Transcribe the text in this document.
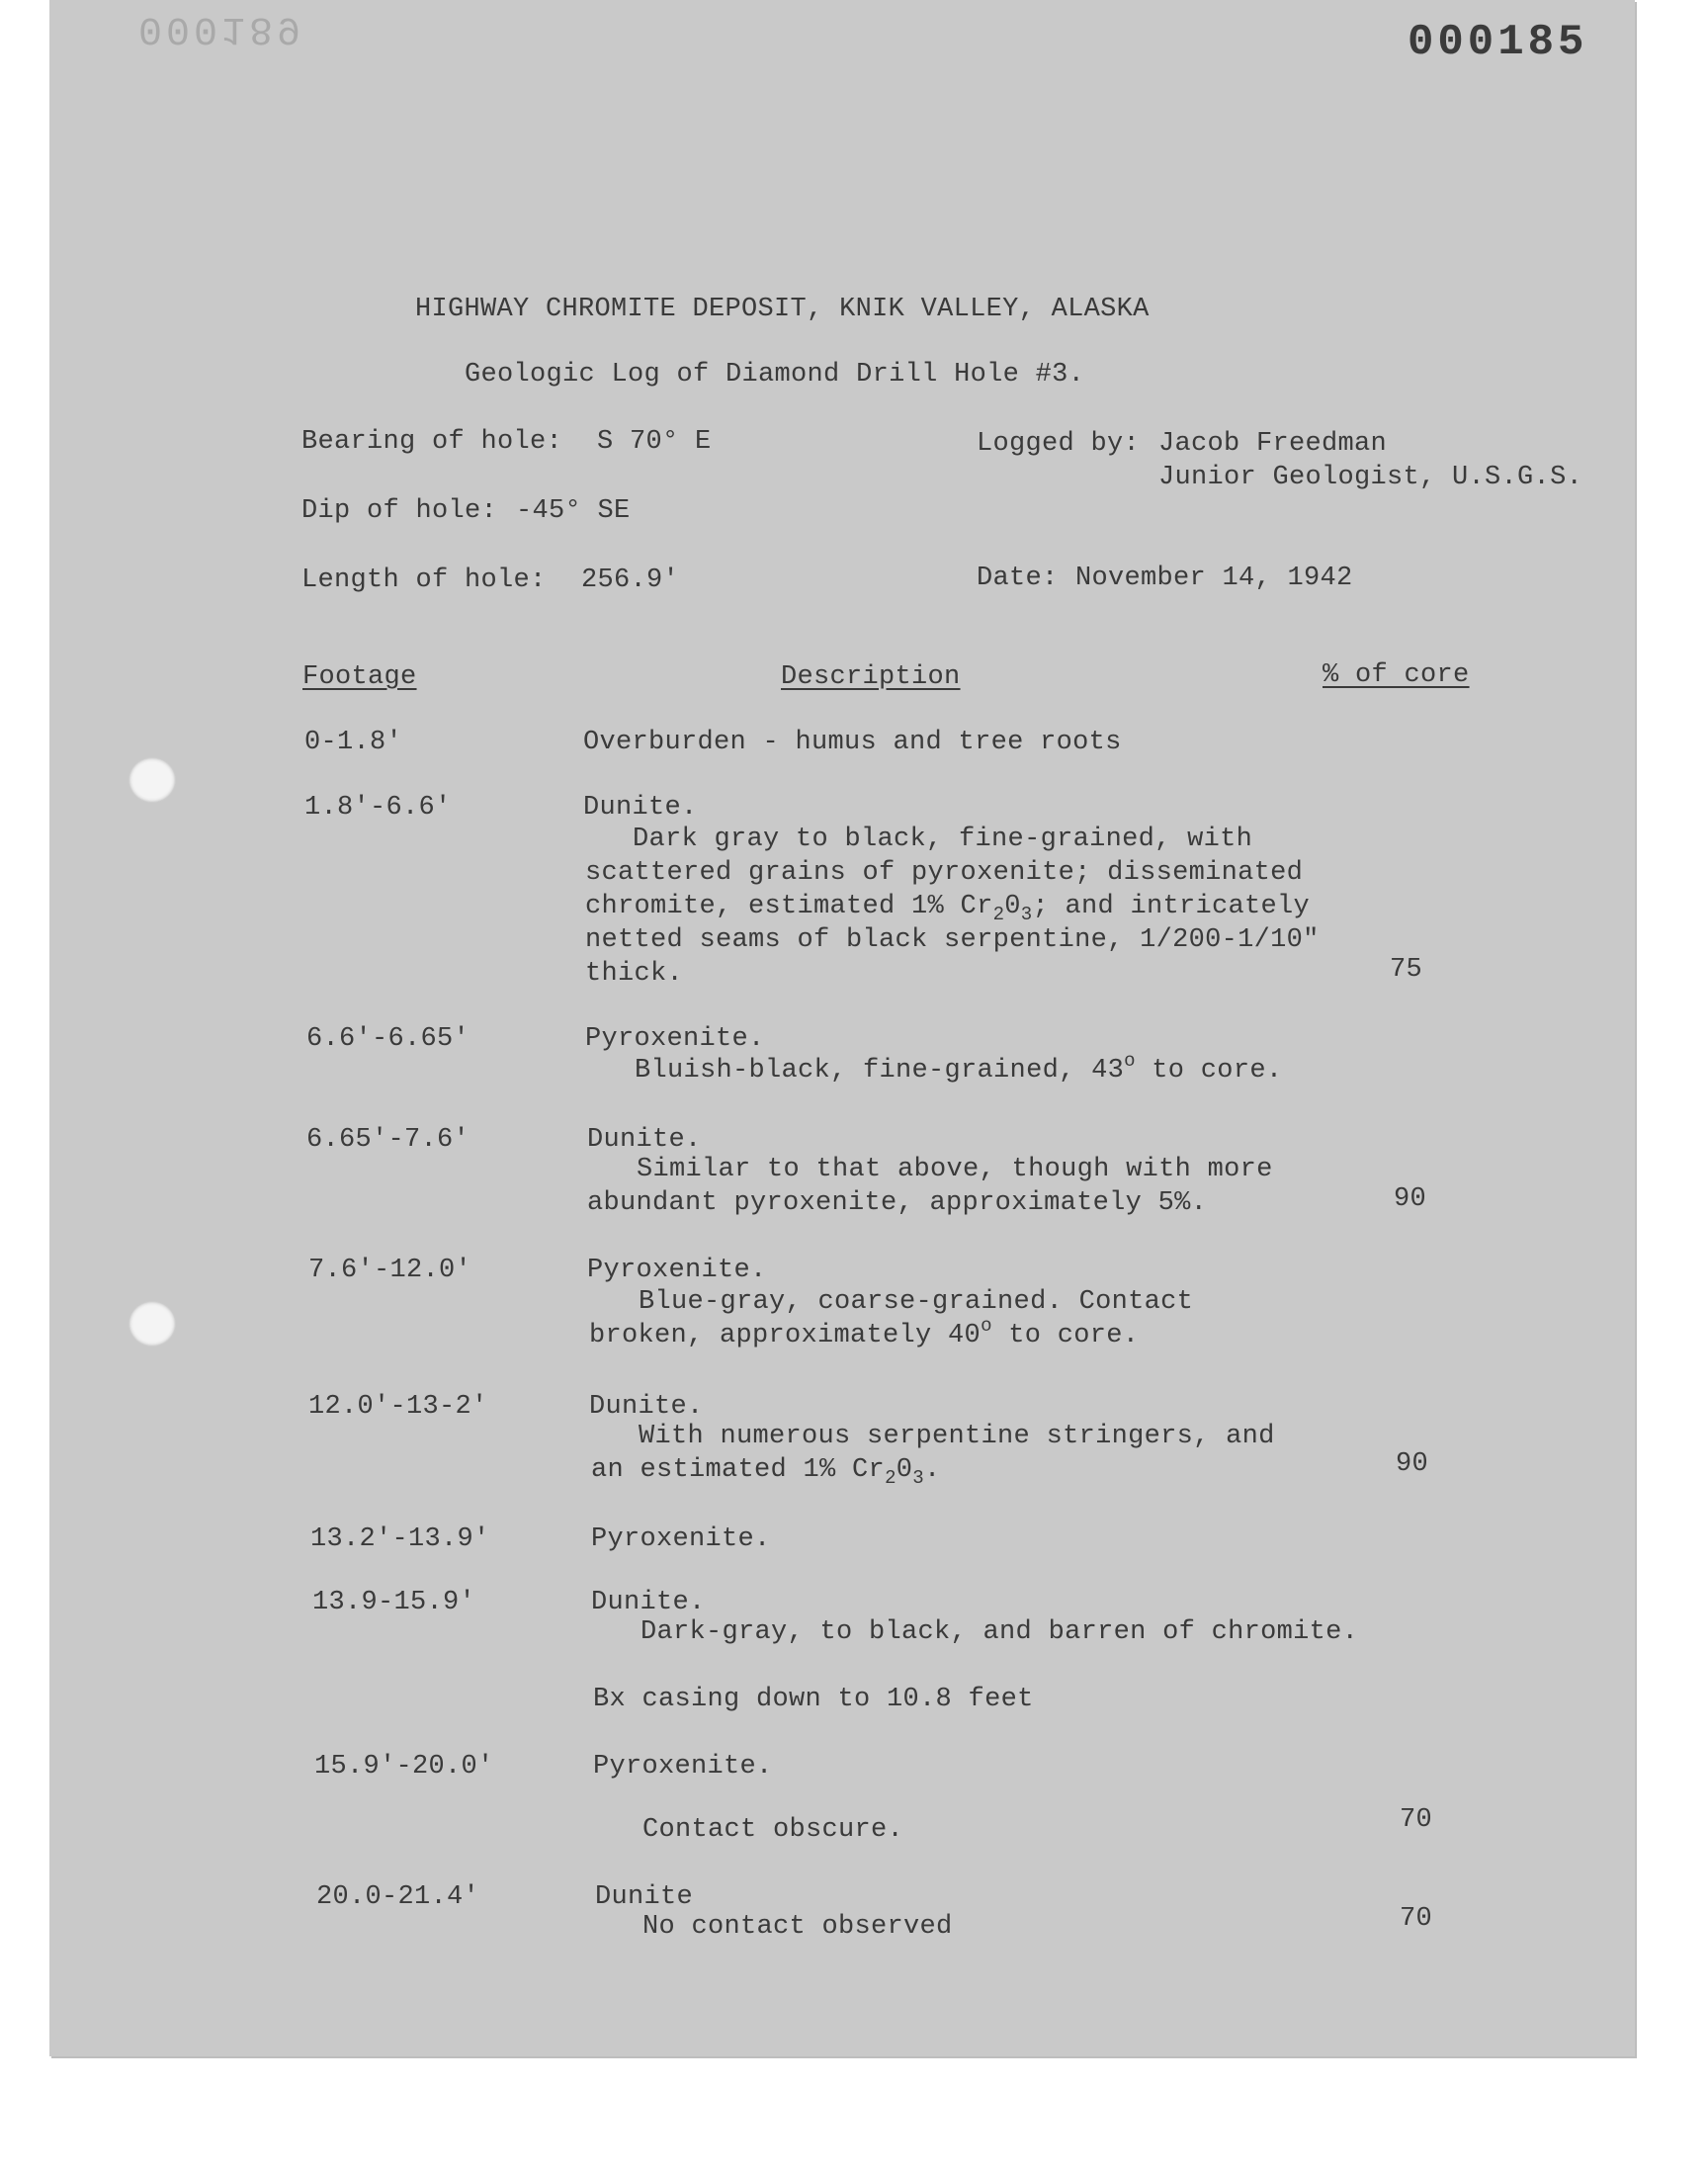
000189	000185
HIGHWAY CHROMITE DEPOSIT, KNIK VALLEY, ALASKA
Geologic Log of Diamond Drill Hole #3.
Bearing of hole: S 70° E
Dip of hole: -45° SE
Length of hole: 256.9'
Logged by: Jacob Freedman
Junior Geologist, U.S.G.S.
Date: November 14, 1942
Footage	Description	% of core
0-1.8'	Overburden - humus and tree roots
1.8'-6.6'	Dunite.
Dark gray to black, fine-grained, with
scattered grains of pyroxenite; disseminated
chromite, estimated 1% $Cr_20_3$; and intricately
netted seams of black serpentine, 1/200-1/10"
thick.	75
6.6'-6.65'	Pyroxenite.
Bluish-black, fine-grained, 43$^o$ to core.
6.65'-7.6'	Dunite.
Similar to that above, though with more
abundant pyroxenite, approximately 5%.	90
7.6'-12.0'	Pyroxenite.
Blue-gray, coarse-grained. Contact
broken, approximately 40$^o$ to core.
12.0'-13-2'	Dunite.
With numerous serpentine stringers, and
an estimated 1% $Cr_20_3$.	90
13.2'-13.9'	Pyroxenite.
13.9-15.9'	Dunite.
Dark-gray, to black, and barren of chromite.
Bx casing down to 10.8 feet
15.9'-20.0'	Pyroxenite.
Contact obscure.	70
20.0-21.4'	Dunite
No contact observed	70
